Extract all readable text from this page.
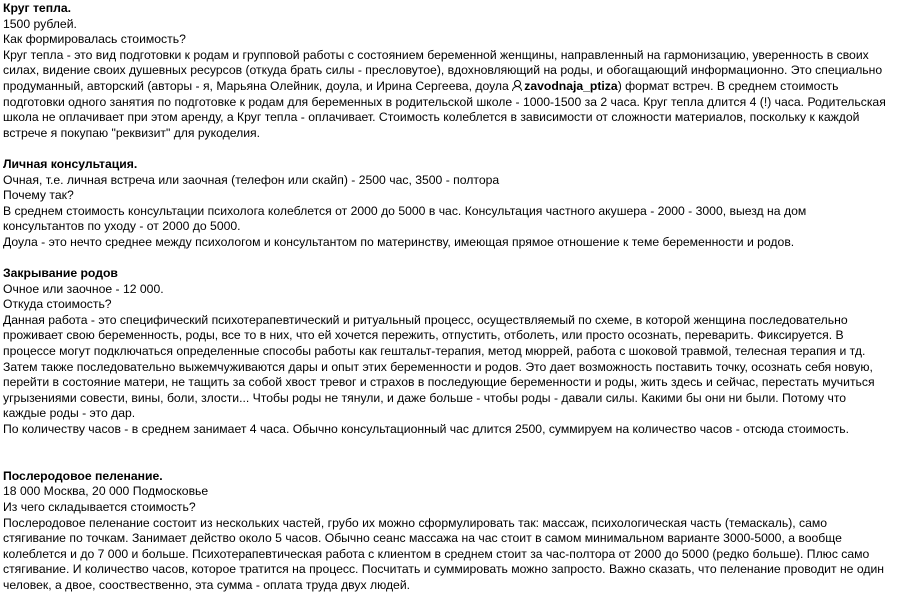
Круг тепла.
1500 рублей.
Как формировалась стоимость?
Круг тепла - это вид подготовки к родам и групповой работы с состоянием беременной женщины, направленный на гармонизацию, уверенность в своих силах, видение своих душевных ресурсов (откуда брать силы - пресловутое), вдохновляющий на роды, и обогащающий информационно. Это специально продуманный, авторский (авторы - я, Марьяна Олейник, доула, и Ирина Сергеева, доула
zavodnaja_ptiza) формат встреч. В среднем стоимость подготовки одного занятия по подготовке к родам для беременных в родительской школе - 1000-1500 за 2 часа. Круг тепла длится 4 (!) часа. Родительская школа не оплачивает при этом аренду, а Круг тепла - оплачивает. Стоимость колеблется в зависимости от сложности материалов, поскольку к каждой встрече я покупаю "реквизит" для рукоделия.
Личная консультация.
Очная, т.е. личная встреча или заочная (телефон или скайп) - 2500 час, 3500 - полтора
Почему так?
В среднем стоимость консультации психолога колеблется от 2000 до 5000 в час. Консультация частного акушера - 2000 - 3000, выезд на дом консультантов по уходу - от 2000 до 5000.
Доула - это нечто среднее между психологом и консультантом по материнству, имеющая прямое отношение к теме беременности и родов.
Закрывание родов
Очное или заочное - 12 000.
Откуда стоимость?
Данная работа - это специфический психотерапевтический и ритуальный процесс, осуществляемый по схеме, в которой женщина последовательно проживает свою беременность, роды, все то в них, что ей хочется пережить, отпустить, отболеть, или просто осознать, переварить. Фиксируется. В процессе могут подключаться определенные способы работы как гештальт-терапия, метод мюррей, работа с шоковой травмой, телесная терапия и тд. Затем также последовательно выжемчуживаются дары и опыт этих беременности и родов. Это дает возможность поставить точку, осознать себя новую, перейти в состояние матери, не тащить за собой хвост тревог и страхов в последующие беременности и роды, жить здесь и сейчас, перестать мучиться угрызениями совести, вины, боли, злости... Чтобы роды не тянули, и даже больше - чтобы роды - давали силы. Какими бы они ни были. Потому что каждые роды - это дар.
По количеству часов - в среднем занимает 4 часа. Обычно консультационный час длится 2500, суммируем на количество часов - отсюда стоимость.
Послеродовое пеленание.
18 000 Москва, 20 000 Подмосковье
Из чего складывается стоимость?
Послеродовое пеленание состоит из нескольких частей, грубо их можно сформулировать так: массаж, психологическая часть (темаскаль), само стягивание по точкам. Занимает действо около 5 часов. Обычно сеанс массажа на час стоит в самом минимальном варианте 3000-5000, а вообще колеблется и до 7 000 и больше. Психотерапевтическая работа с клиентом в среднем стоит за час-полтора от 2000 до 5000 (редко больше). Плюс само стягивание. И количество часов, которое тратится на процесс. Посчитать и суммировать можно запросто. Важно сказать, что пеленание проводит не один человек, а двое, сооствественно, эта сумма - оплата труда двух людей.
